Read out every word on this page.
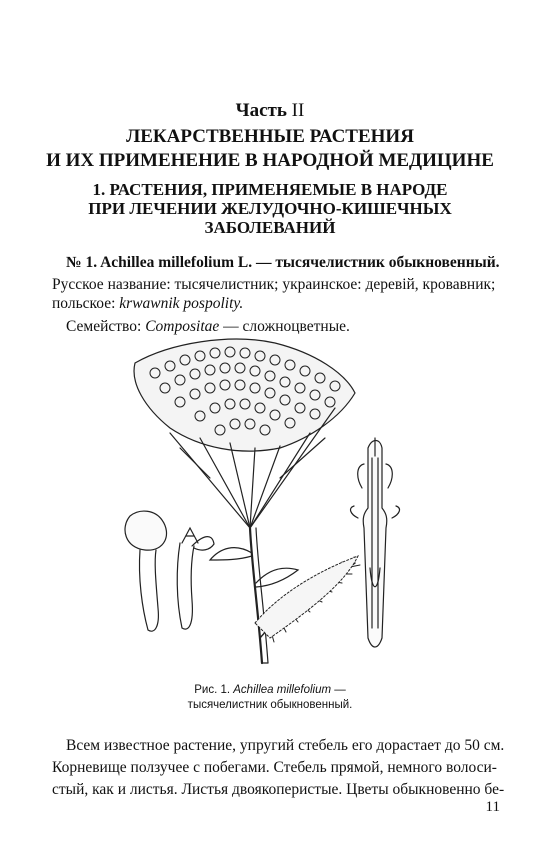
Часть II
ЛЕКАРСТВЕННЫЕ РАСТЕНИЯ
И ИХ ПРИМЕНЕНИЕ В НАРОДНОЙ МЕДИЦИНЕ
1. РАСТЕНИЯ, ПРИМЕНЯЕМЫЕ В НАРОДЕ
ПРИ ЛЕЧЕНИИ ЖЕЛУДОЧНО-КИШЕЧНЫХ
ЗАБОЛЕВАНИЙ
№ 1. Achillea millefolium L. — тысячелистник обыкновенный.
Русское название: тысячелистник; украинское: деревій, кровавник;
польское: krwawnik pospolity.
Семейство: Compositae — сложноцветные.
Рис. 1. Achillea millefolium —
тысячелистник обыкновенный.
Всем известное растение, упругий стебель его дорастает до 50 см.
Корневище ползучее с побегами. Стебель прямой, немного волоси-
стый, как и листья. Листья двоякоперистые. Цветы обыкновенно бе-
11
